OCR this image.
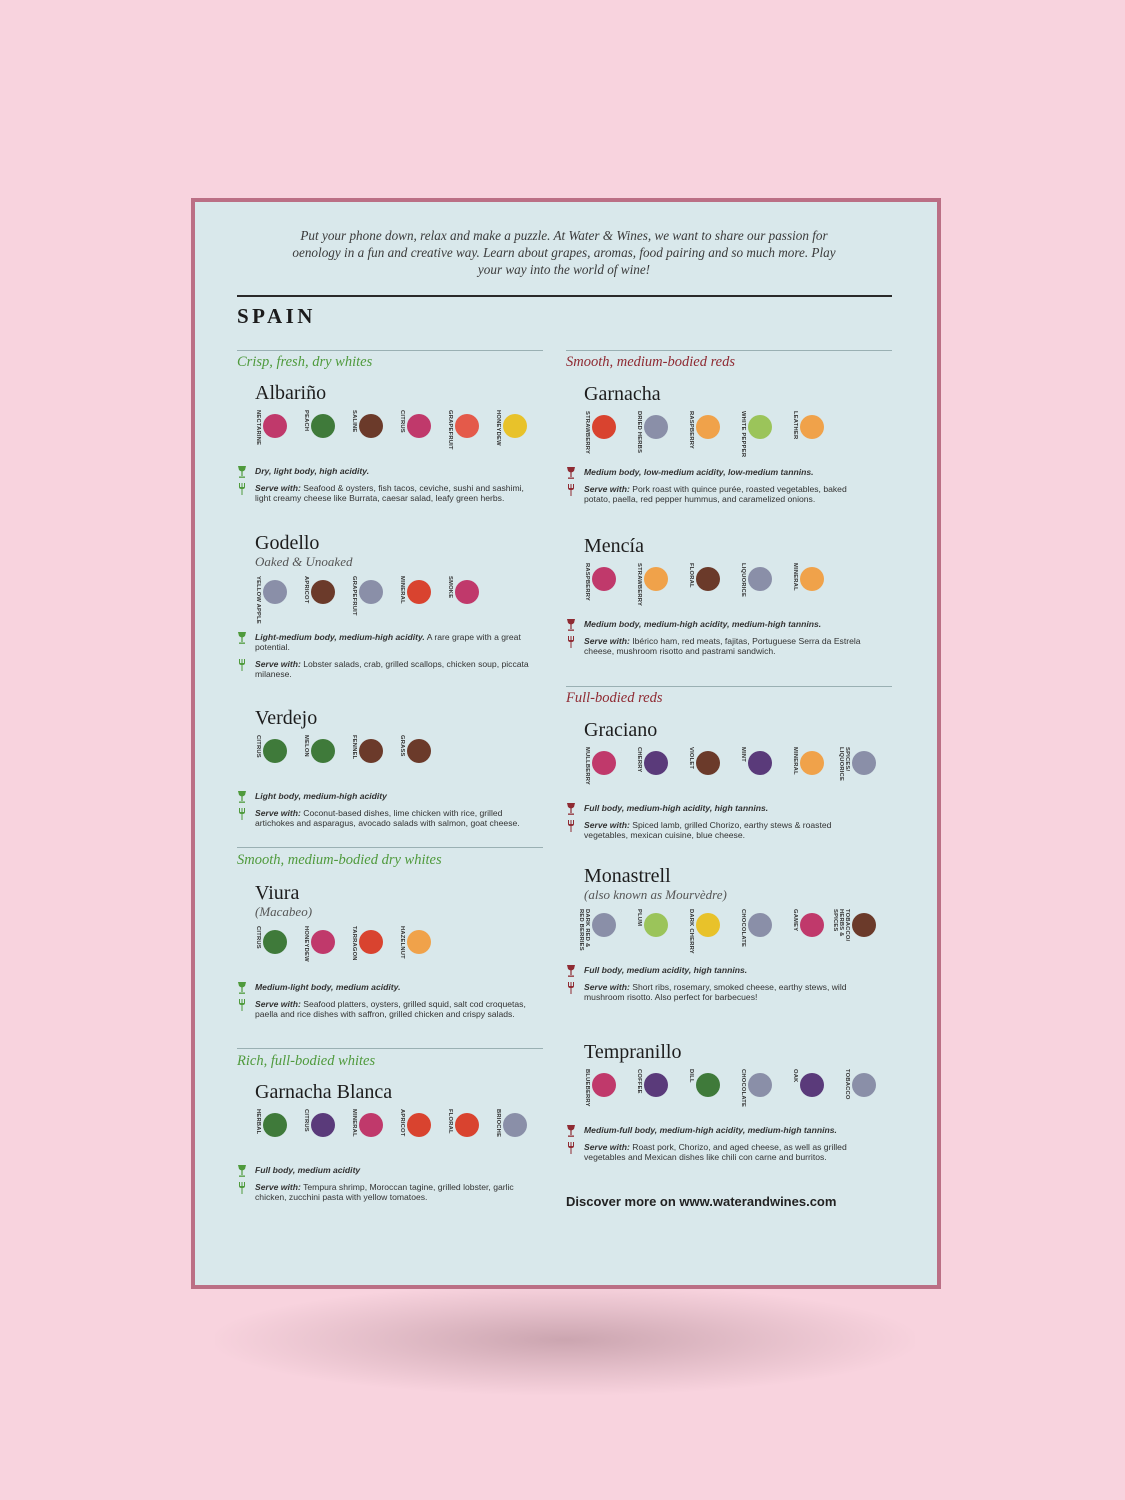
Put your phone down, relax and make a puzzle. At Water & Wines, we want to share our passion for oenology in a fun and creative way. Learn about grapes, aromas, food pairing and so much more. Play your way into the world of wine!
SPAIN
Crisp, fresh, dry whites
Albariño
NECTARINE	PEACH	SALINE	CITRUS	GRAPEFRUIT	HONEYDEW
Dry, light body, high acidity.
Serve with: Seafood & oysters, fish tacos, ceviche, sushi and sashimi, light creamy cheese like Burrata, caesar salad, leafy green herbs.
Godello
Oaked & Unoaked
YELLOW APPLE	APRICOT	GRAPEFRUIT	MINERAL	SMOKE
Light-medium body, medium-high acidity. A rare grape with a great potential.
Serve with: Lobster salads, crab, grilled scallops, chicken soup, piccata milanese.
Verdejo
CITRUS	MELON	FENNEL	GRASS
Light body, medium-high acidity
Serve with: Coconut-based dishes, lime chicken with rice, grilled artichokes and asparagus, avocado salads with salmon, goat cheese.
Smooth, medium-bodied dry whites
Viura
(Macabeo)
CITRUS	HONEYDEW	TARRAGON	HAZELNUT
Medium-light body, medium acidity.
Serve with: Seafood platters, oysters, grilled squid, salt cod croquetas, paella and rice dishes with saffron, grilled chicken and crispy salads.
Rich, full-bodied whites
Garnacha Blanca
HERBAL	CITRUS	MINERAL	APRICOT	FLORAL	BRIOCHE
Full body, medium acidity
Serve with: Tempura shrimp, Moroccan tagine, grilled lobster, garlic chicken, zucchini pasta with yellow tomatoes.
Smooth, medium-bodied reds
Garnacha
STRAWBERRY	DRIED HERBS	RASPBERRY	WHITE PEPPER	LEATHER
Medium body, low-medium acidity, low-medium tannins.
Serve with: Pork roast with quince purée, roasted vegetables, baked potato, paella, red pepper hummus, and caramelized onions.
Mencía
RASPBERRY	STRAWBERRY	FLORAL	LIQUORICE	MINERAL
Medium body, medium-high acidity, medium-high tannins.
Serve with: Ibérico ham, red meats, fajitas, Portuguese Serra da Estrela cheese, mushroom risotto and pastrami sandwich.
Full-bodied reds
Graciano
MULLBERRY	CHERRY	VIOLET	MINT	MINERAL	SPICES/ LIQUORICE
Full body, medium-high acidity, high tannins.
Serve with: Spiced lamb, grilled Chorizo, earthy stews & roasted vegetables, mexican cuisine, blue cheese.
Monastrell
(also known as Mourvèdre)
DARK RED & RED BERRIES	PLUM	DARK CHERRY	CHOCOLATE	GAMEY	TOBACCO/ HERBS & SPICES
Full body, medium acidity, high tannins.
Serve with: Short ribs, rosemary, smoked cheese, earthy stews, wild mushroom risotto. Also perfect for barbecues!
Tempranillo
BLUEBERRY	COFFEE	DILL	CHOCOLATE	OAK	TOBACCO
Medium-full body, medium-high acidity, medium-high tannins.
Serve with: Roast pork, Chorizo, and aged cheese, as well as grilled vegetables and Mexican dishes like chili con carne and burritos.
Discover more on www.waterandwines.com
